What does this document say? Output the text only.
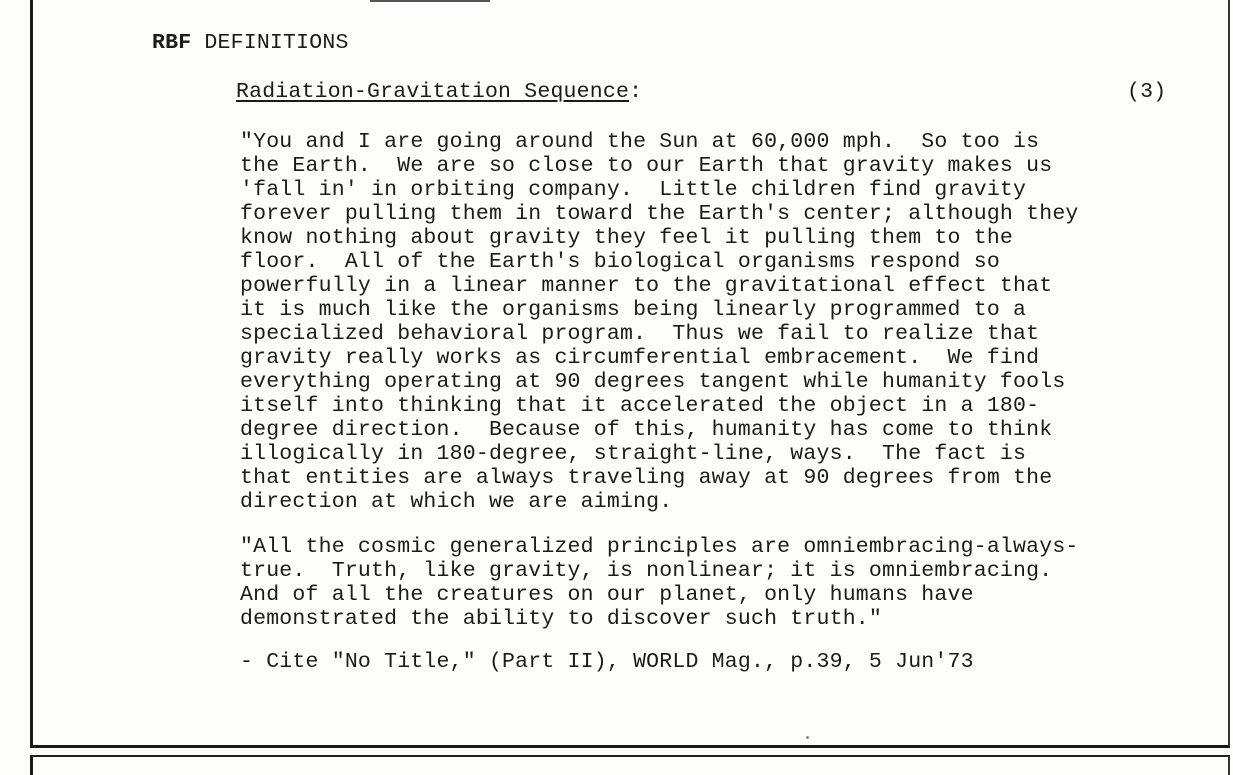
RBF DEFINITIONS
Radiation-Gravitation Sequence:	(3)
"You and I are going around the Sun at 60,000 mph.  So too is
the Earth.  We are so close to our Earth that gravity makes us
'fall in' in orbiting company.  Little children find gravity
forever pulling them in toward the Earth's center; although they
know nothing about gravity they feel it pulling them to the
floor.  All of the Earth's biological organisms respond so
powerfully in a linear manner to the gravitational effect that
it is much like the organisms being linearly programmed to a
specialized behavioral program.  Thus we fail to realize that
gravity really works as circumferential embracement.  We find
everything operating at 90 degrees tangent while humanity fools
itself into thinking that it accelerated the object in a 180-
degree direction.  Because of this, humanity has come to think
illogically in 180-degree, straight-line, ways.  The fact is
that entities are always traveling away at 90 degrees from the
direction at which we are aiming.
"All the cosmic generalized principles are omniembracing-always-
true.  Truth, like gravity, is nonlinear; it is omniembracing.
And of all the creatures on our planet, only humans have
demonstrated the ability to discover such truth."
- Cite "No Title," (Part II), WORLD Mag., p.39, 5 Jun'73
